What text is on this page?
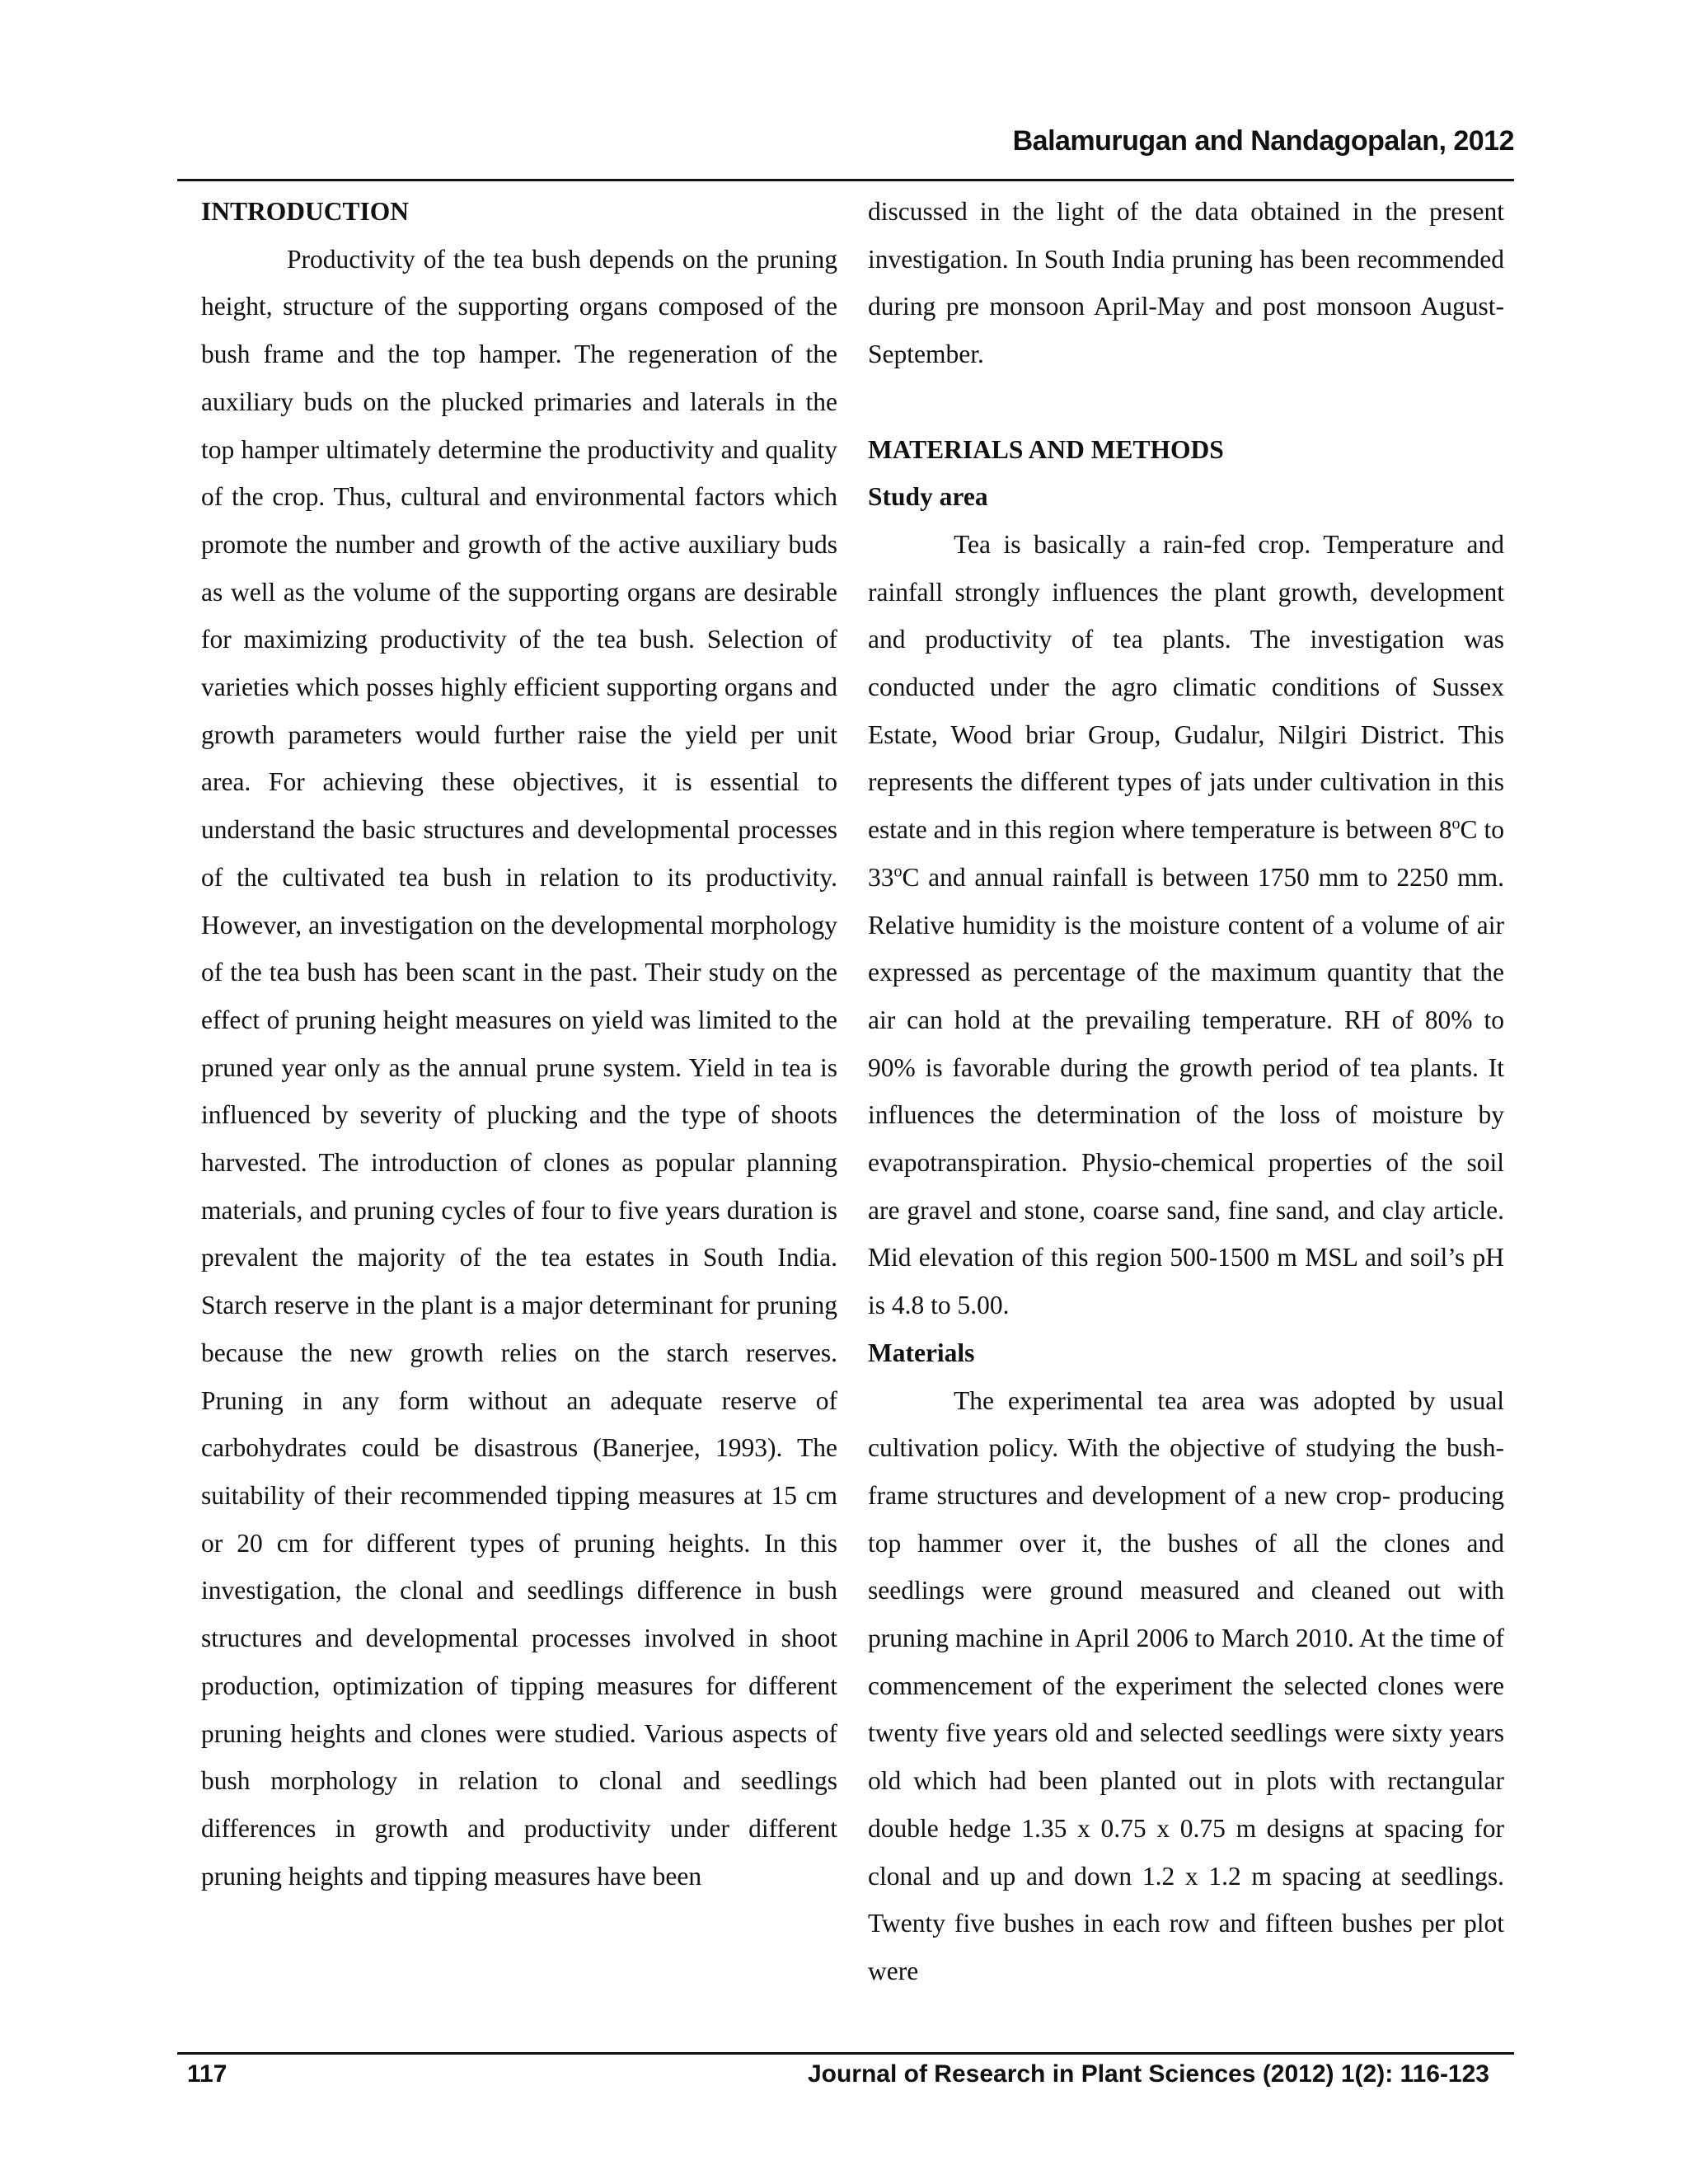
Balamurugan and Nandagopalan, 2012
INTRODUCTION

Productivity of the tea bush depends on the pruning height, structure of the supporting organs composed of the bush frame and the top hamper. The regeneration of the auxiliary buds on the plucked primaries and laterals in the top hamper ultimately determine the productivity and quality of the crop. Thus, cultural and environmental factors which promote the number and growth of the active auxiliary buds as well as the volume of the supporting organs are desirable for maximizing productivity of the tea bush. Selection of varieties which posses highly efficient supporting organs and growth parameters would further raise the yield per unit area. For achieving these objectives, it is essential to understand the basic structures and developmental processes of the cultivated tea bush in relation to its productivity. However, an investigation on the developmental morphology of the tea bush has been scant in the past. Their study on the effect of pruning height measures on yield was limited to the pruned year only as the annual prune system. Yield in tea is influenced by severity of plucking and the type of shoots harvested. The introduction of clones as popular planning materials, and pruning cycles of four to five years duration is prevalent the majority of the tea estates in South India. Starch reserve in the plant is a major determinant for pruning because the new growth relies on the starch reserves. Pruning in any form without an adequate reserve of carbohydrates could be disastrous (Banerjee, 1993). The suitability of their recommended tipping measures at 15 cm or 20 cm for different types of pruning heights. In this investigation, the clonal and seedlings difference in bush structures and developmental processes involved in shoot production, optimization of tipping measures for different pruning heights and clones were studied. Various aspects of bush morphology in relation to clonal and seedlings differences in growth and productivity under different pruning heights and tipping measures have been

discussed in the light of the data obtained in the present investigation. In South India pruning has been recommended during pre monsoon April-May and post monsoon August-September.

MATERIALS AND METHODS
Study area

Tea is basically a rain-fed crop. Temperature and rainfall strongly influences the plant growth, development and productivity of tea plants. The investigation was conducted under the agro climatic conditions of Sussex Estate, Wood briar Group, Gudalur, Nilgiri District. This represents the different types of jats under cultivation in this estate and in this region where temperature is between 8$^o$C to 33$^o$C and annual rainfall is between 1750 mm to 2250 mm. Relative humidity is the moisture content of a volume of air expressed as percentage of the maximum quantity that the air can hold at the prevailing temperature. RH of 80% to 90% is favorable during the growth period of tea plants. It influences the determination of the loss of moisture by evapotranspiration. Physio-chemical properties of the soil are gravel and stone, coarse sand, fine sand, and clay article. Mid elevation of this region 500-1500 m MSL and soil’s pH is 4.8 to 5.00.

Materials

The experimental tea area was adopted by usual cultivation policy. With the objective of studying the bush- frame structures and development of a new crop- producing top hammer over it, the bushes of all the clones and seedlings were ground measured and cleaned out with pruning machine in April 2006 to March 2010. At the time of commencement of the experiment the selected clones were twenty five years old and selected seedlings were sixty years old which had been planted out in plots with rectangular double hedge 1.35 x 0.75 x 0.75 m designs at spacing for clonal and up and down 1.2 x 1.2 m spacing at seedlings. Twenty five bushes in each row and fifteen bushes per plot were

117	Journal of Research in Plant Sciences (2012) 1(2): 116-123
